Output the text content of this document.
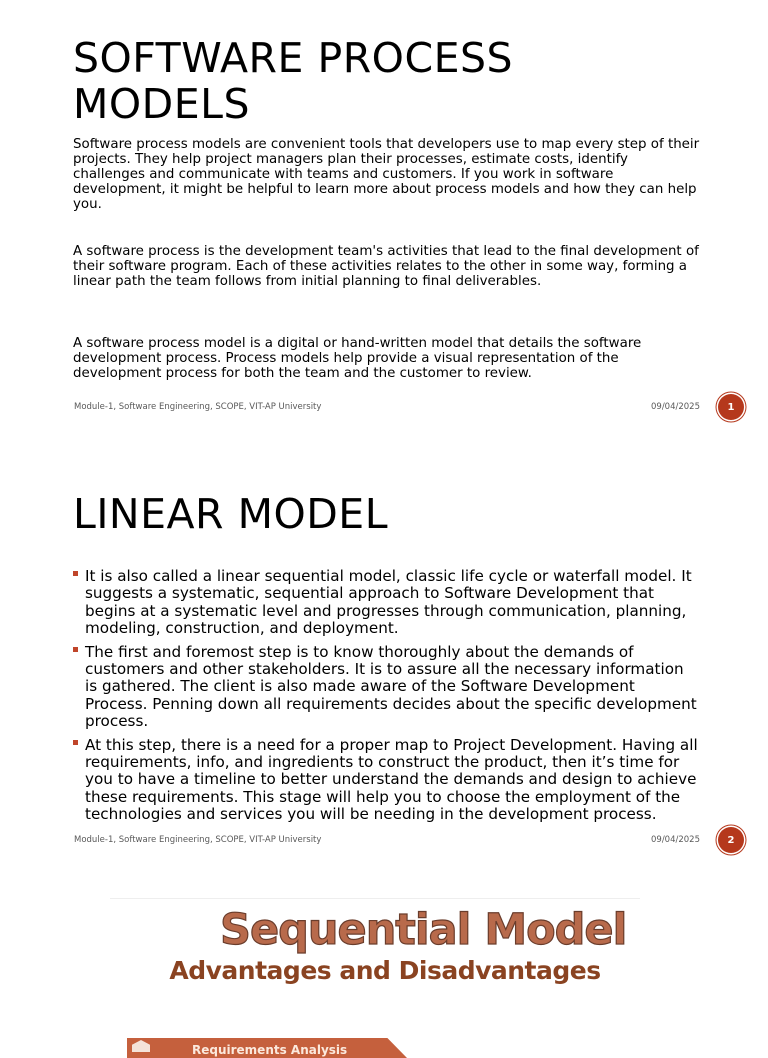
SOFTWARE PROCESS MODELS

Software process models are convenient tools that developers use to map every step of their projects. They help project managers plan their processes, estimate costs, identify challenges and communicate with teams and customers. If you work in software development, it might be helpful to learn more about process models and how they can help you.

A software process is the development team's activities that lead to the final development of their software program. Each of these activities relates to the other in some way, forming a linear path the team follows from initial planning to final deliverables.

A software process model is a digital or hand-written model that details the software development process. Process models help provide a visual representation of the development process for both the team and the customer to review.

Module-1, Software Engineering, SCOPE, VIT-AP University	09/04/2025	1
LINEAR MODEL
It is also called a linear sequential model, classic life cycle or waterfall model. It suggests a systematic, sequential approach to Software Development that begins at a systematic level and progresses through communication, planning, modeling, construction, and deployment.
The first and foremost step is to know thoroughly about the demands of customers and other stakeholders. It is to assure all the necessary information is gathered. The client is also made aware of the Software Development Process. Penning down all requirements decides about the specific development process.
At this step, there is a need for a proper map to Project Development. Having all requirements, info, and ingredients to construct the product, then it’s time for you to have a timeline to better understand the demands and design to achieve these requirements. This stage will help you to choose the employment of the technologies and services you will be needing in the development process.
Module-1, Software Engineering, SCOPE, VIT-AP University	09/04/2025	2
Sequential Model
Advantages and Disadvantages
Requirements Analysis
